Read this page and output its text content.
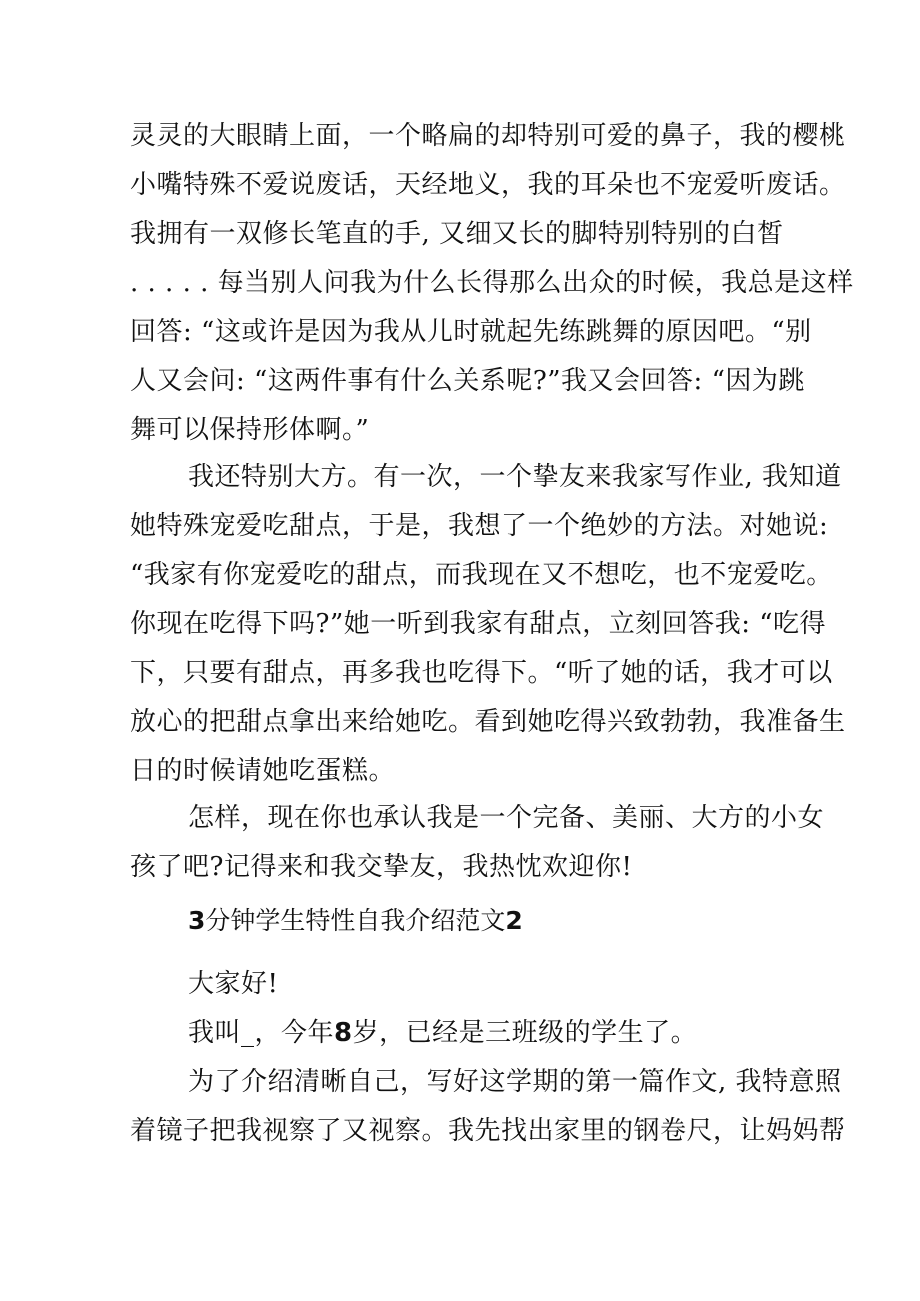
灵灵的大眼睛上面，一个略扁的却特别可爱的鼻子，我的樱桃
小嘴特殊不爱说废话，天经地义，我的耳朵也不宠爱听废话。
我拥有一双修长笔直的手, 又细又长的脚特别特别的白皙
. . . . . 每当别人问我为什么长得那么出众的时候，我总是这样
回答: “这或许是因为我从儿时就起先练跳舞的原因吧。“别
人又会问: “这两件事有什么关系呢?”我又会回答: “因为跳
舞可以保持形体啊。”
我还特别大方。有一次，一个挚友来我家写作业, 我知道
她特殊宠爱吃甜点，于是，我想了一个绝妙的方法。对她说:
“我家有你宠爱吃的甜点，而我现在又不想吃，也不宠爱吃。
你现在吃得下吗?”她一听到我家有甜点，立刻回答我: “吃得
下，只要有甜点，再多我也吃得下。“听了她的话，我才可以
放心的把甜点拿出来给她吃。看到她吃得兴致勃勃，我准备生
日的时候请她吃蛋糕。
怎样，现在你也承认我是一个完备、美丽、大方的小女
孩了吧?记得来和我交挚友，我热忱欢迎你!
3分钟学生特性自我介绍范文2
大家好!
我叫_，今年8岁，已经是三班级的学生了。
为了介绍清晰自己，写好这学期的第一篇作文, 我特意照
着镜子把我视察了又视察。我先找出家里的钢卷尺，让妈妈帮
